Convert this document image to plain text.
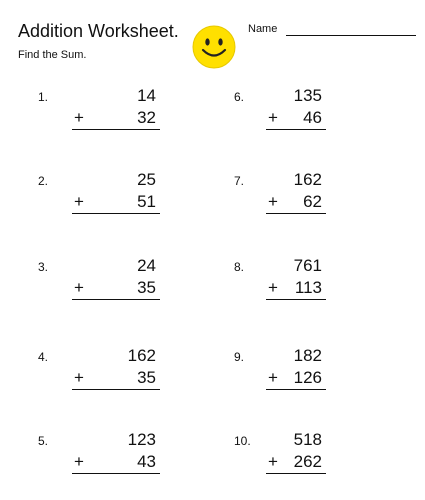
Addition Worksheet.
Find the Sum.
Name
1.	14
+	32
2.	25
+	51
3.	24
+	35
4.	162
+	35
5.	123
+	43
6.	135
+ 46
7.	162
+ 62
8.	761
+ 113
9.	182
+ 126
10.	518
+ 262
